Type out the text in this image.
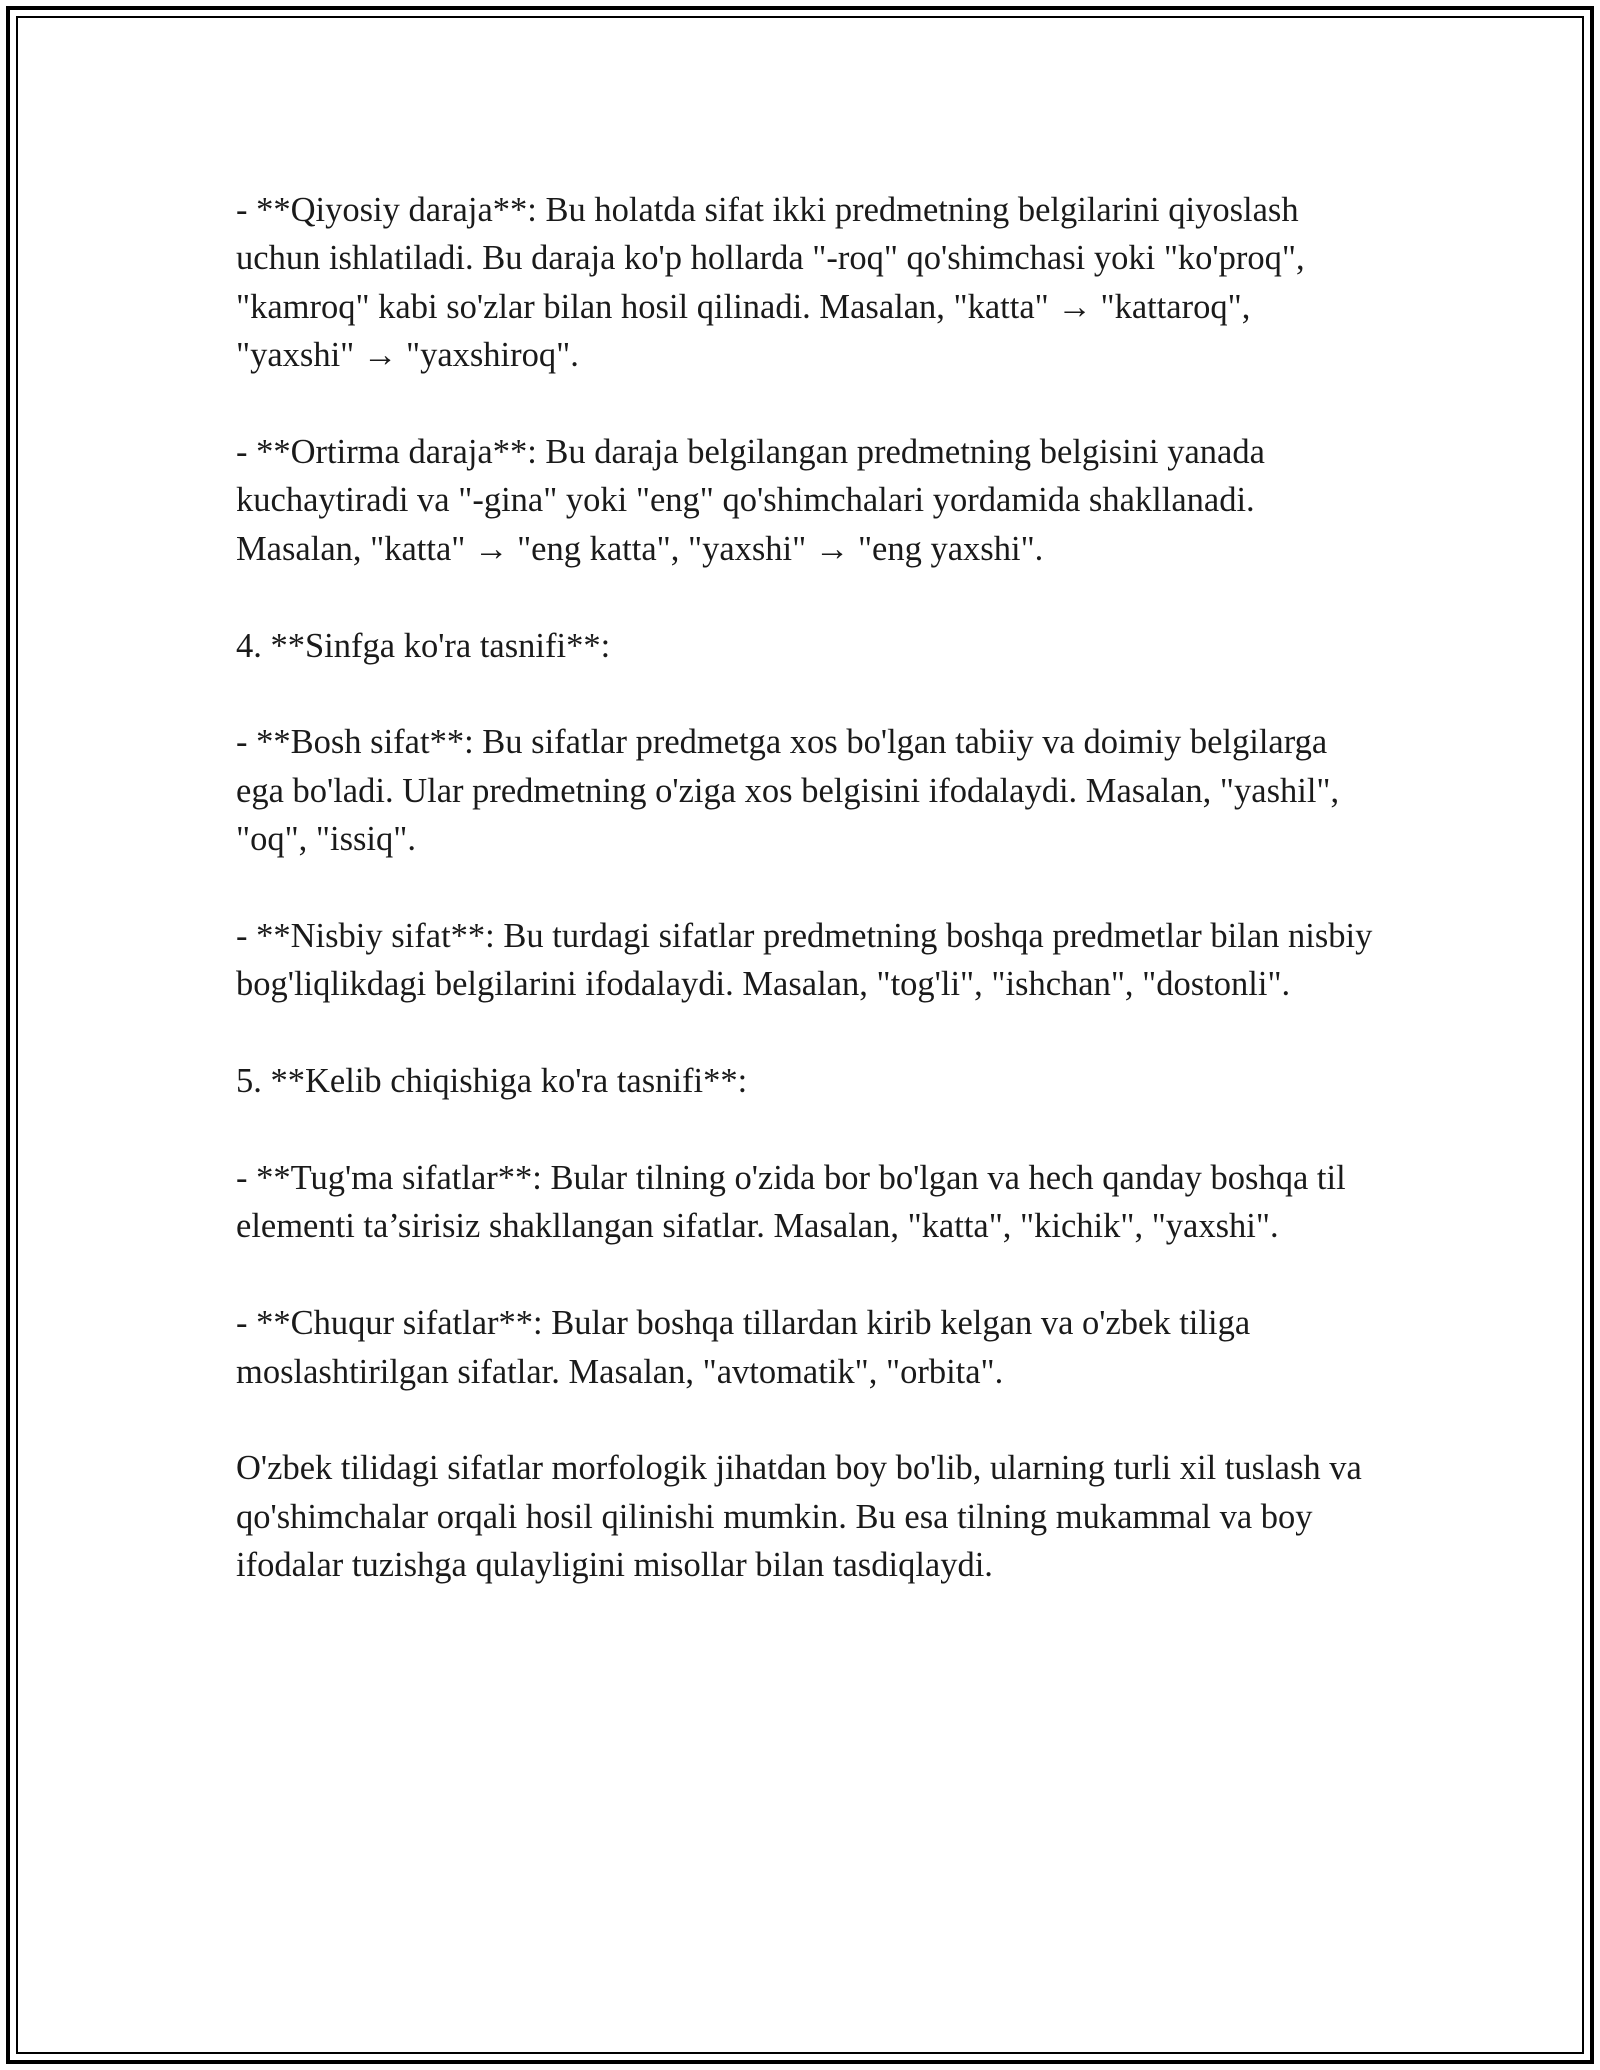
- **Qiyosiy daraja**: Bu holatda sifat ikki predmetning belgilarini qiyoslash uchun ishlatiladi. Bu daraja ko'p hollarda "-roq" qo'shimchasi yoki "ko'proq", "kamroq" kabi so'zlar bilan hosil qilinadi. Masalan, "katta" → "kattaroq", "yaxshi" → "yaxshiroq".

- **Ortirma daraja**: Bu daraja belgilangan predmetning belgisini yanada kuchaytiradi va "-gina" yoki "eng" qo'shimchalari yordamida shakllanadi. Masalan, "katta" → "eng katta", "yaxshi" → "eng yaxshi".

4. **Sinfga ko'ra tasnifi**:

- **Bosh sifat**: Bu sifatlar predmetga xos bo'lgan tabiiy va doimiy belgilarga ega bo'ladi. Ular predmetning o'ziga xos belgisini ifodalaydi. Masalan, "yashil", "oq", "issiq".

- **Nisbiy sifat**: Bu turdagi sifatlar predmetning boshqa predmetlar bilan nisbiy bog'liqlikdagi belgilarini ifodalaydi. Masalan, "tog'li", "ishchan", "dostonli".

5. **Kelib chiqishiga ko'ra tasnifi**:

- **Tug'ma sifatlar**: Bular tilning o'zida bor bo'lgan va hech qanday boshqa til elementi ta’sirisiz shakllangan sifatlar. Masalan, "katta", "kichik", "yaxshi".

- **Chuqur sifatlar**: Bular boshqa tillardan kirib kelgan va o'zbek tiliga moslashtirilgan sifatlar. Masalan, "avtomatik", "orbita".

O'zbek tilidagi sifatlar morfologik jihatdan boy bo'lib, ularning turli xil tuslash va qo'shimchalar orqali hosil qilinishi mumkin. Bu esa tilning mukammal va boy ifodalar tuzishga qulayligini misollar bilan tasdiqlaydi.
